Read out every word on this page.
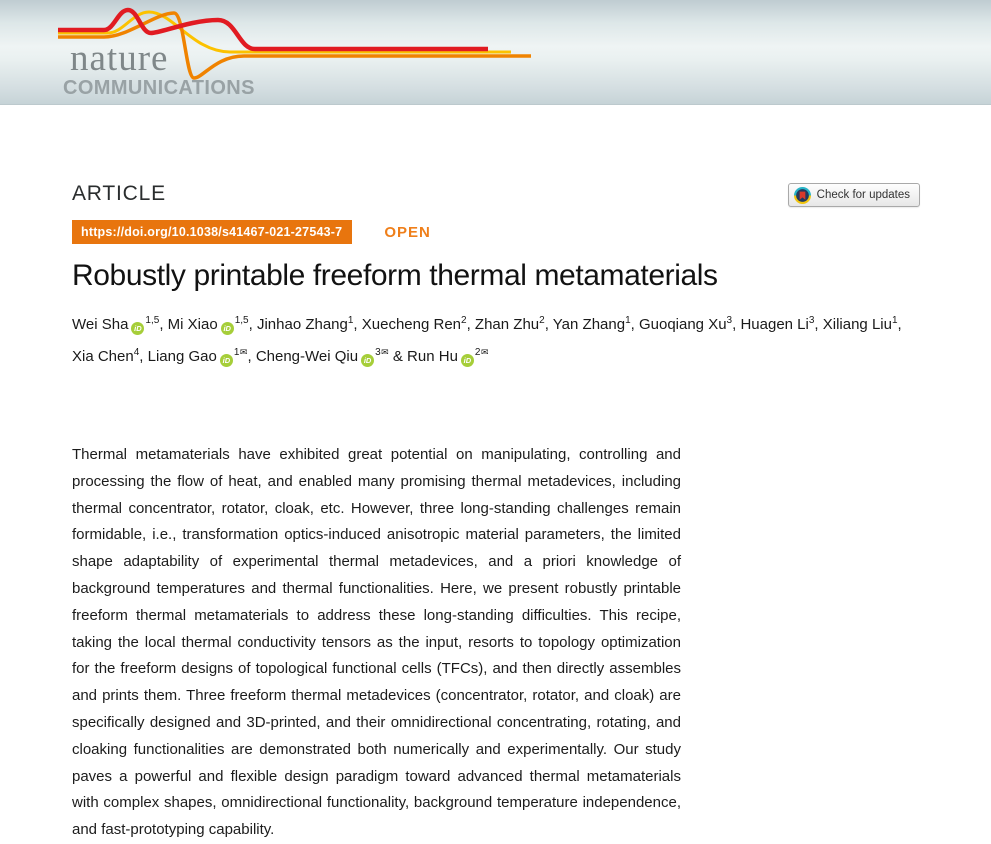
nature
COMMUNICATIONS
ARTICLE	Check for updates
https://doi.org/10.1038/s41467-021-27543-7	OPEN
Robustly printable freeform thermal metamaterials

Wei Sha iD$^{1,5}$, Mi Xiao iD$^{1,5}$, Jinhao Zhang$^1$, Xuecheng Ren$^2$, Zhan Zhu$^2$, Yan Zhang$^1$, Guoqiang Xu$^3$, Huagen Li$^3$, Xiliang Liu$^1$, Xia Chen$^4$, Liang Gao $iD^{1✉}$, Cheng-Wei Qiu $iD^{3✉}$ & Run Hu $iD^{2✉}$

Thermal metamaterials have exhibited great potential on manipulating, controlling and processing the flow of heat, and enabled many promising thermal metadevices, including thermal concentrator, rotator, cloak, etc. However, three long-standing challenges remain formidable, i.e., transformation optics-induced anisotropic material parameters, the limited shape adaptability of experimental thermal metadevices, and a priori knowledge of background temperatures and thermal functionalities. Here, we present robustly printable freeform thermal metamaterials to address these long-standing difficulties. This recipe, taking the local thermal conductivity tensors as the input, resorts to topology optimization for the freeform designs of topological functional cells (TFCs), and then directly assembles and prints them. Three freeform thermal metadevices (concentrator, rotator, and cloak) are specifically designed and 3D-printed, and their omnidirectional concentrating, rotating, and cloaking functionalities are demonstrated both numerically and experimentally. Our study paves a powerful and flexible design paradigm toward advanced thermal metamaterials with complex shapes, omnidirectional functionality, background temperature independence, and fast-prototyping capability.
